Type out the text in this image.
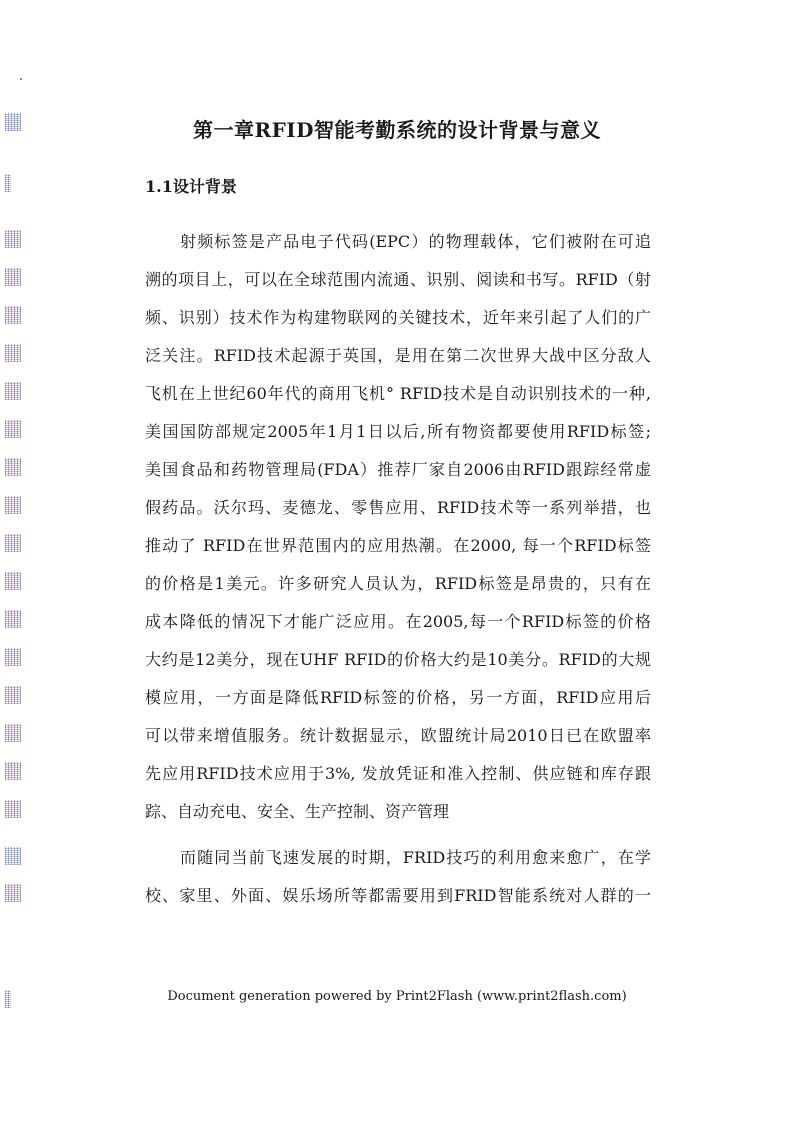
第一章RFID智能考勤系统的设计背景与意义
1.1设计背景

射频标签是产品电子代码(EPC）的物理载体，它们被附在可追

溯的项目上，可以在全球范围内流通、识别、阅读和书写。RFID（射

频、识别）技术作为构建物联网的关键技术，近年来引起了人们的广

泛关注。RFID技术起源于英国，是用在第二次世界大战中区分敌人

飞机在上世纪60年代的商用飞机° RFID技术是自动识别技术的一种,

美国国防部规定2005年1月1日以后,所有物资都要使用RFID标签;

美国食品和药物管理局(FDA）推荐厂家自2006由RFID跟踪经常虚

假药品。沃尔玛、麦德龙、零售应用、RFID技术等一系列举措，也

推动了 RFID在世界范围内的应用热潮。在2000, 每一个RFID标签

的价格是1美元。许多研究人员认为，RFID标签是昂贵的，只有在

成本降低的情况下才能广泛应用。在2005,每一个RFID标签的价格

大约是12美分，现在UHF RFID的价格大约是10美分。RFID的大规

模应用，一方面是降低RFID标签的价格，另一方面，RFID应用后

可以带来增值服务。统计数据显示，欧盟统计局2010日已在欧盟率

先应用RFID技术应用于3%, 发放凭证和准入控制、供应链和库存跟

踪、自动充电、安全、生产控制、资产管理

而随同当前飞速发展的时期，FRID技巧的利用愈来愈广，在学

校、家里、外面、娱乐场所等都需要用到FRID智能系统对人群的一

Document generation powered by Print2Flash (www.print2flash.com)
